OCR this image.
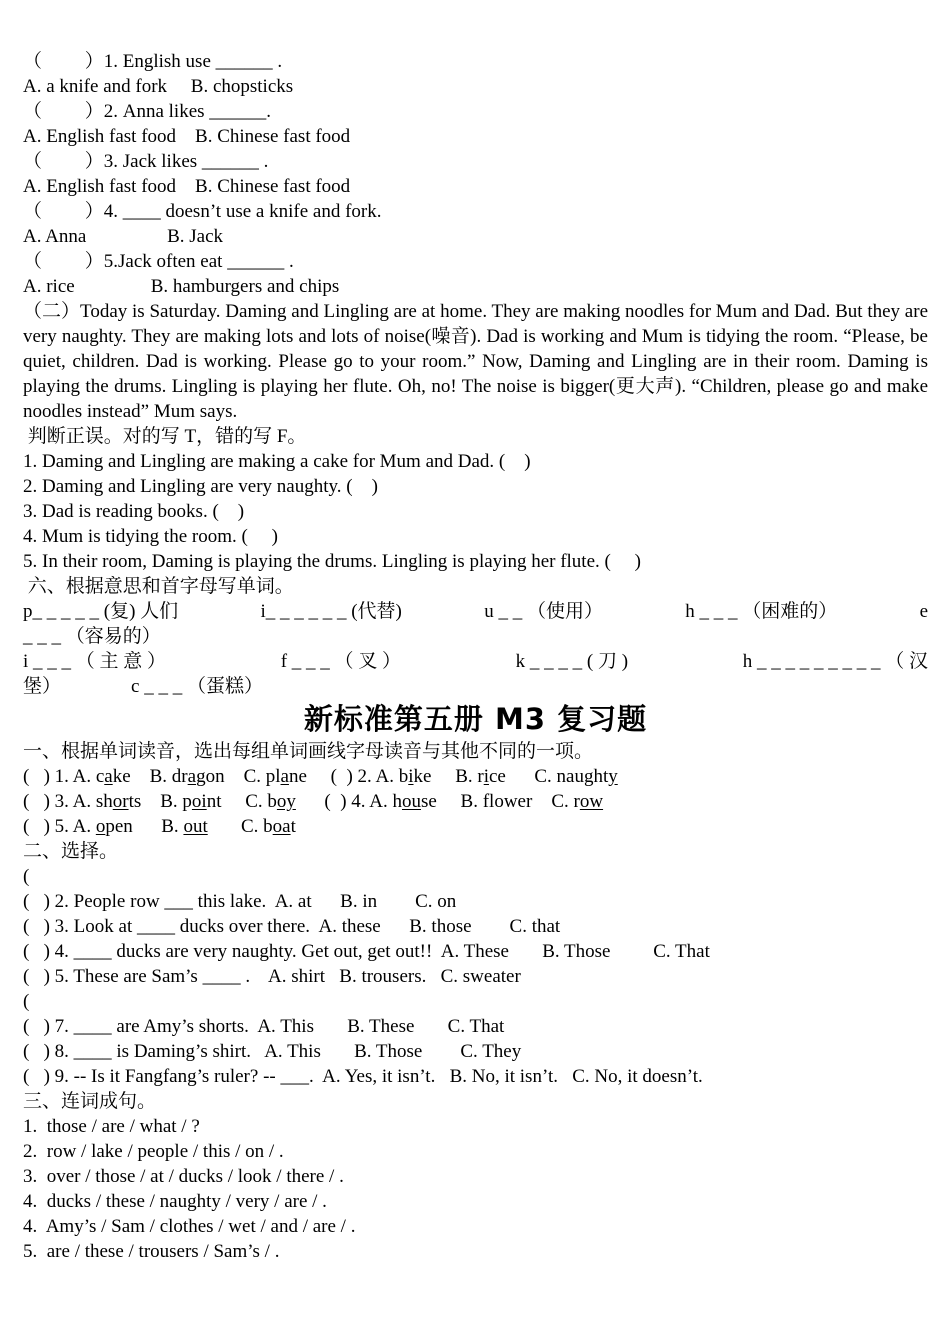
（　　 ）1. English use ______ .
A. a knife and fork     B. chopsticks
（　　 ）2. Anna likes ______.
A. English fast food    B. Chinese fast food
（　　 ）3. Jack likes ______ .
A. English fast food    B. Chinese fast food
（　　 ）4. ____ doesn’t use a knife and fork.
A. Anna                 B. Jack
（　　 ）5.Jack often eat ______ .
A. rice                B. hamburgers and chips
（二）Today is Saturday. Daming and Lingling are at home. They are making noodles for Mum and Dad. But they are very naughty. They are making lots and lots of noise(噪音). Dad is working and Mum is tidying the room. “Please, be quiet, children. Dad is working. Please go to your room.” Now, Daming and Lingling are in their room. Daming is playing the drums. Lingling is playing her flute. Oh, no! The noise is bigger(更大声). “Children, please go and make noodles instead” Mum says.
判断正误。对的写 T，错的写 F。
1. Daming and Lingling are making a cake for Mum and Dad. (    )
2. Daming and Lingling are very naughty. (    )
3. Dad is reading books. (    )
4. Mum is tidying the room. (     )
5. In their room, Daming is playing the drums. Lingling is playing her flute. (     )
六、根据意思和首字母写单词。
p_ _ _ _ _ (复) 人们	i_ _ _ _ _ _ (代替)	u _ _ （使用）	h _ _ _ （困难的）	e
_ _ _ （容易的）
i _ _ _ （ 主 意 ）	f _ _ _ （ 叉 ）	k _ _ _ _ ( 刀 )	h _ _ _ _ _ _ _ _ _ （ 汉
堡）	c _ _ _ （蛋糕）
新标准第五册 M3 复习题
一、根据单词读音，选出每组单词画线字母读音与其他不同的一项。
(   ) 1. A. cake    B. dragon    C. plane     (  ) 2. A. bike     B. rice      C. naughty
(   ) 3. A. shorts    B. point     C. boy      (  ) 4. A. house     B. flower    C. row
(   ) 5. A. open      B. out       C. boat
二、选择。
(
(   ) 2. People row ___ this lake.  A. at      B. in        C. on
(   ) 3. Look at ____ ducks over there.  A. these      B. those        C. that
(   ) 4. ____ ducks are very naughty. Get out, get out!!  A. These       B. Those         C. That
(   ) 5. These are Sam’s ____ .    A. shirt   B. trousers.   C. sweater
(
(   ) 7. ____ are Amy’s shorts.  A. This       B. These       C. That
(   ) 8. ____ is Daming’s shirt.   A. This       B. Those        C. They
(   ) 9. -- Is it Fangfang’s ruler? -- ___.  A. Yes, it isn’t.   B. No, it isn’t.   C. No, it doesn’t.
三、连词成句。
1.  those / are / what / ?
2.  row / lake / people / this / on / .
3.  over / those / at / ducks / look / there / .
4.  ducks / these / naughty / very / are / .
4.  Amy’s / Sam / clothes / wet / and / are / .
5.  are / these / trousers / Sam’s / .
